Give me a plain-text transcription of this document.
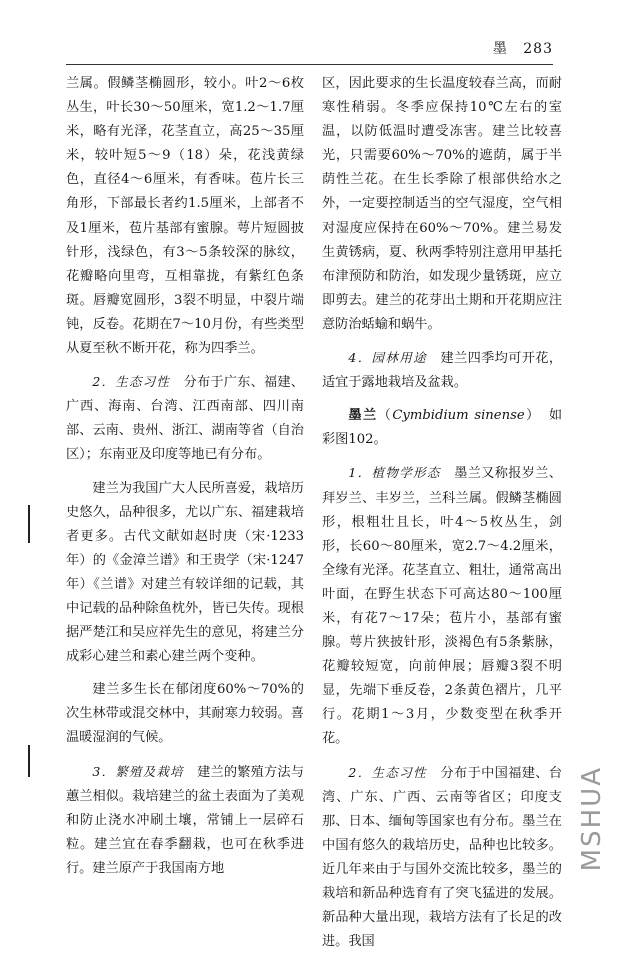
墨 283

兰属。假鳞茎椭圆形，较小。叶2～6枚丛生，叶长30～50厘米，宽1.2～1.7厘米，略有光泽，花茎直立，高25～35厘米，较叶短5～9（18）朵，花浅黄绿色，直径4～6厘米，有香味。苞片长三角形，下部最长者约1.5厘米，上部者不及1厘米，苞片基部有蜜腺。萼片短圆披针形，浅绿色，有3～5条较深的脉纹，花瓣略向里弯，互相靠拢，有紫红色条斑。唇瓣宽圆形，3裂不明显，中裂片端钝，反卷。花期在7～10月份，有些类型从夏至秋不断开花，称为四季兰。

2．生态习性　 分布于广东、福建、广西、海南、台湾、江西南部、四川南部、云南、贵州、浙江、湖南等省（自治区）；东南亚及印度等地已有分布。

建兰为我国广大人民所喜爱，栽培历史悠久，品种很多，尤以广东、福建栽培者更多。古代文献如赵时庚（宋·1233年）的《金漳兰谱》和王贵学（宋·1247年）《兰谱》对建兰有较详细的记载，其中记载的品种除鱼枕外，皆已失传。现根据严楚江和吴应祥先生的意见，将建兰分成彩心建兰和素心建兰两个变种。

建兰多生长在郁闭度60%～70%的次生林带或混交林中，其耐寒力较弱。喜温暖湿润的气候。

3．繁殖及栽培　 建兰的繁殖方法与蕙兰相似。栽培建兰的盆土表面为了美观和防止浇水冲刷土壤，常铺上一层碎石粒。建兰宜在春季翻栽，也可在秋季进行。建兰原产于我国南方地

区，因此要求的生长温度较春兰高，而耐寒性稍弱。冬季应保持10℃左右的室温，以防低温时遭受冻害。建兰比较喜光，只需要60%～70%的遮荫，属于半荫性兰花。在生长季除了根部供给水之外，一定要控制适当的空气湿度，空气相对湿度应保持在60%～70%。建兰易发生黄锈病，夏、秋两季特别注意用甲基托布津预防和防治，如发现少量锈斑，应立即剪去。建兰的花芽出土期和开花期应注意防治蛞蝓和蜗牛。

4．园林用途　 建兰四季均可开花，适宜于露地栽培及盆栽。

墨兰（Cymbidium sinense）　如彩图102。

1．植物学形态　 墨兰又称报岁兰、拜岁兰、丰岁兰，兰科兰属。假鳞茎椭圆形，根粗壮且长，叶4～5枚丛生，剑形，长60～80厘米，宽2.7～4.2厘米，全缘有光泽。花茎直立、粗壮，通常高出叶面，在野生状态下可高达80～100厘米，有花7～17朵；苞片小，基部有蜜腺。萼片狭披针形，淡褐色有5条紫脉，花瓣较短宽，向前伸展；唇瓣3裂不明显，先端下垂反卷，2条黄色褶片，几平行。花期1～3月，少数变型在秋季开花。

2．生态习性　 分布于中国福建、台湾、广东、广西、云南等省区；印度支那、日本、缅甸等国家也有分布。墨兰在中国有悠久的栽培历史，品种也比较多。近几年来由于与国外交流比较多，墨兰的栽培和新品种选育有了突飞猛进的发展。新品种大量出现，栽培方法有了长足的改进。我国

MSHUA
